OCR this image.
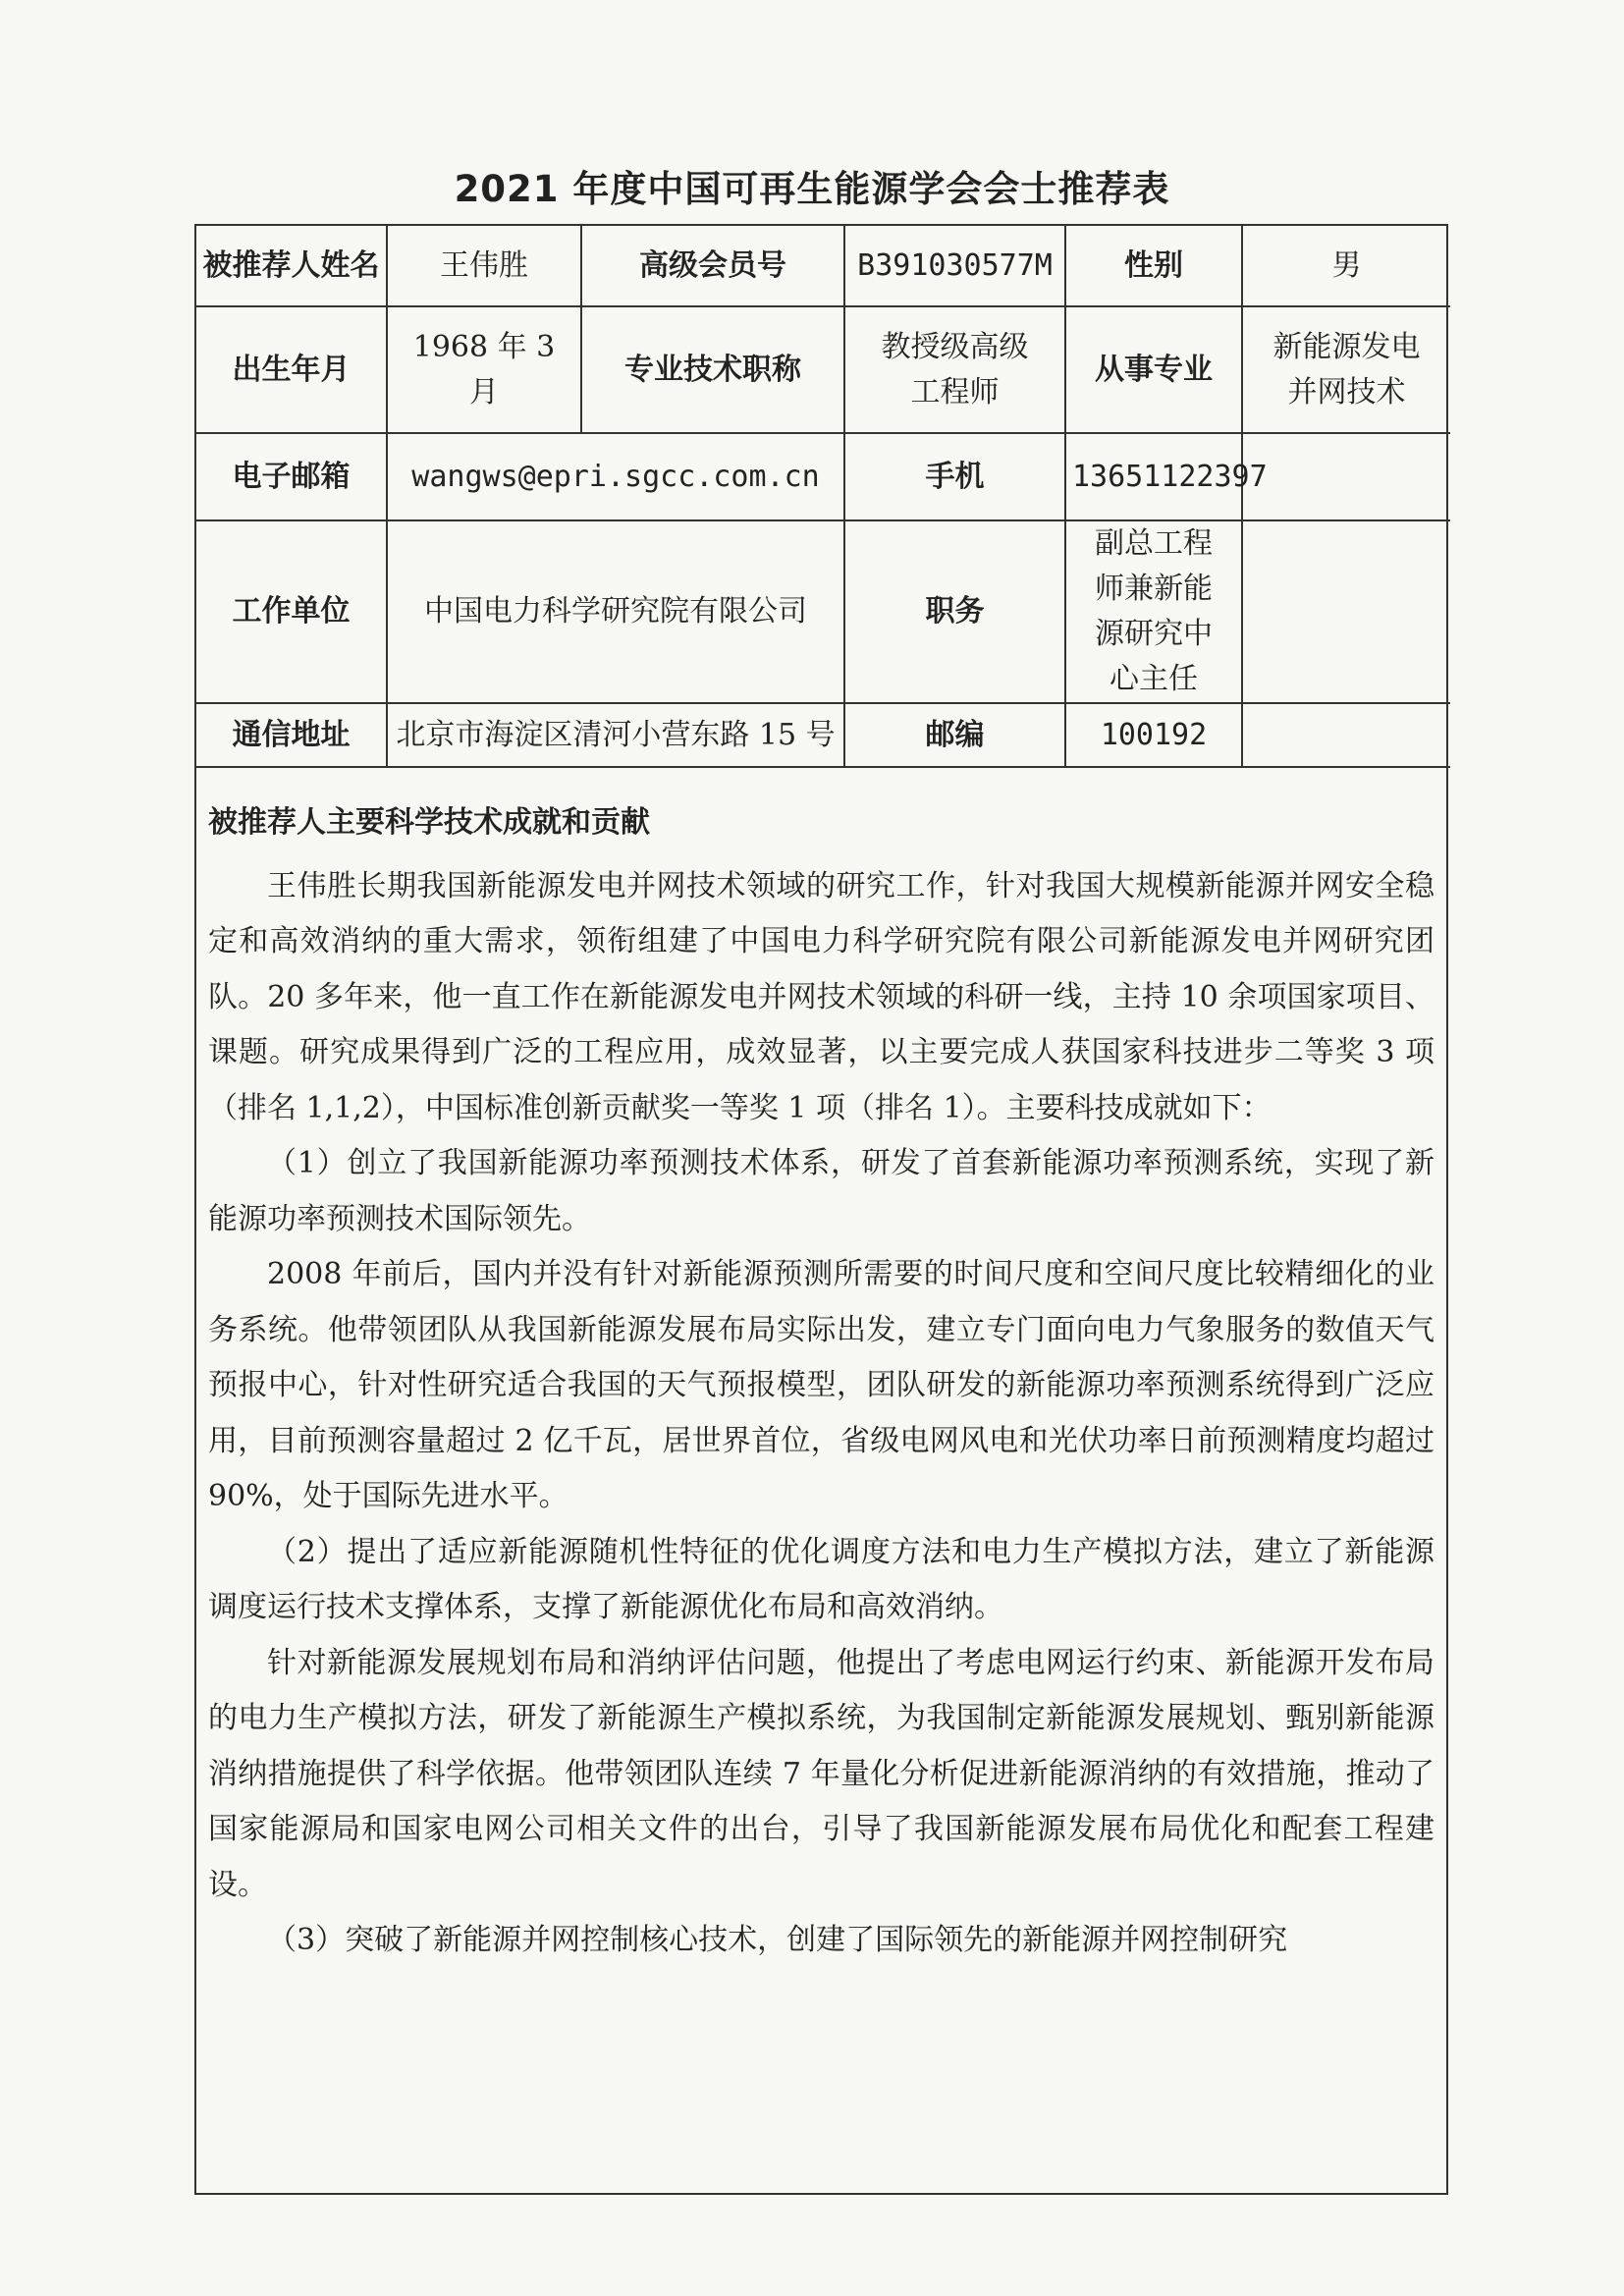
2021 年度中国可再生能源学会会士推荐表
被推荐人姓名	王伟胜	高级会员号	B391030577M	性别	男
出生年月	1968 年 3 月	专业技术职称	教授级高级工程师	从事专业	新能源发电并网技术
电子邮箱	wangws@epri.sgcc.com.cn		手机	13651122397	
工作单位	中国电力科学研究院有限公司		职务	副总工程师兼新能源研究中心主任	
通信地址	北京市海淀区清河小营东路 15 号		邮编	100192	
被推荐人主要科学技术成就和贡献

王伟胜长期我国新能源发电并网技术领域的研究工作，针对我国大规模新能源并网安全稳定和高效消纳的重大需求，领衔组建了中国电力科学研究院有限公司新能源发电并网研究团队。20 多年来，他一直工作在新能源发电并网技术领域的科研一线，主持 10 余项国家项目、课题。研究成果得到广泛的工程应用，成效显著，以主要完成人获国家科技进步二等奖 3 项（排名 1,1,2），中国标准创新贡献奖一等奖 1 项（排名 1）。主要科技成就如下：

（1）创立了我国新能源功率预测技术体系，研发了首套新能源功率预测系统，实现了新能源功率预测技术国际领先。

2008 年前后，国内并没有针对新能源预测所需要的时间尺度和空间尺度比较精细化的业务系统。他带领团队从我国新能源发展布局实际出发，建立专门面向电力气象服务的数值天气预报中心，针对性研究适合我国的天气预报模型，团队研发的新能源功率预测系统得到广泛应用，目前预测容量超过 2 亿千瓦，居世界首位，省级电网风电和光伏功率日前预测精度均超过 90%，处于国际先进水平。

（2）提出了适应新能源随机性特征的优化调度方法和电力生产模拟方法，建立了新能源调度运行技术支撑体系，支撑了新能源优化布局和高效消纳。

针对新能源发展规划布局和消纳评估问题，他提出了考虑电网运行约束、新能源开发布局的电力生产模拟方法，研发了新能源生产模拟系统，为我国制定新能源发展规划、甄别新能源消纳措施提供了科学依据。他带领团队连续 7 年量化分析促进新能源消纳的有效措施，推动了国家能源局和国家电网公司相关文件的出台，引导了我国新能源发展布局优化和配套工程建设。

（3）突破了新能源并网控制核心技术，创建了国际领先的新能源并网控制研究
